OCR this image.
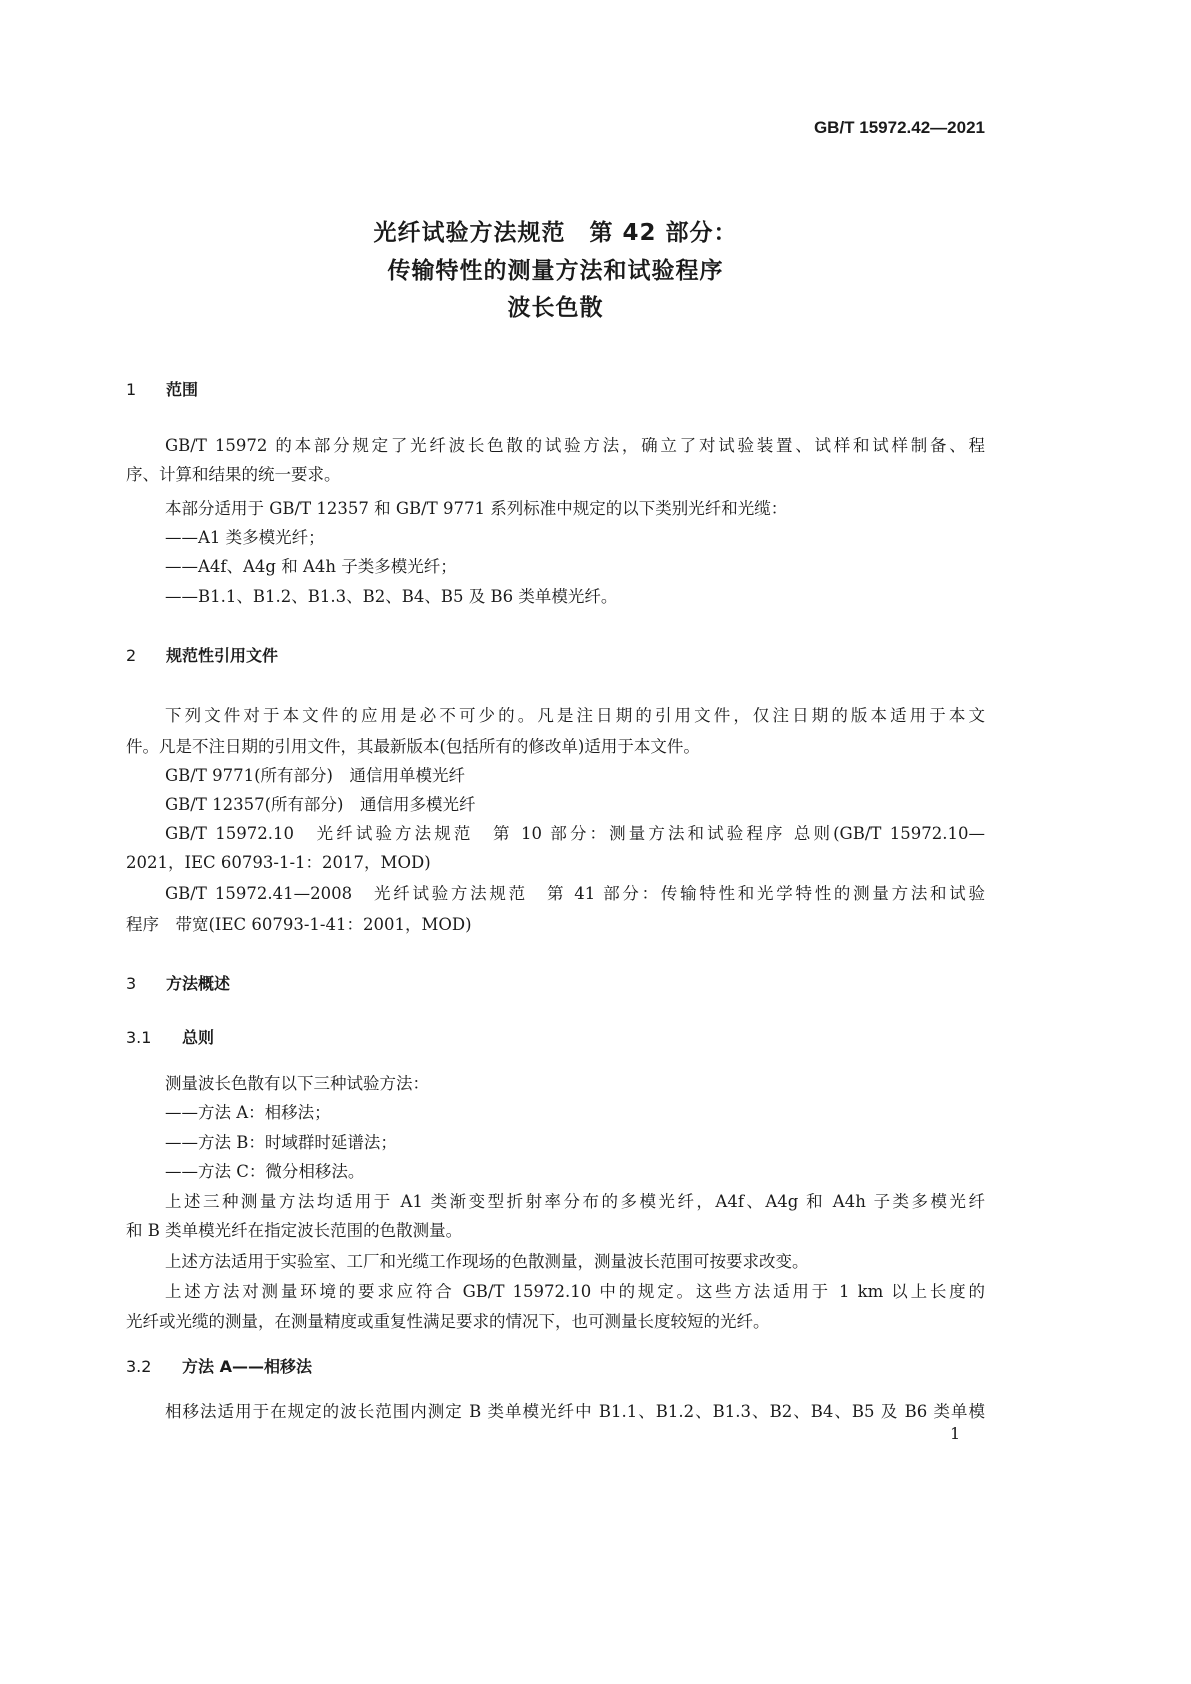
GB/T 15972.42—2021
光纤试验方法规范　第 42 部分：
传输特性的测量方法和试验程序
波长色散
1 范围
GB/T 15972 的本部分规定了光纤波长色散的试验方法，确立了对试验装置、试样和试样制备、程
序、计算和结果的统一要求。
本部分适用于 GB/T 12357 和 GB/T 9771 系列标准中规定的以下类别光纤和光缆：
——A1 类多模光纤；
——A4f、A4g 和 A4h 子类多模光纤；
——B1.1、B1.2、B1.3、B2、B4、B5 及 B6 类单模光纤。
2 规范性引用文件
下列文件对于本文件的应用是必不可少的。凡是注日期的引用文件，仅注日期的版本适用于本文
件。凡是不注日期的引用文件，其最新版本(包括所有的修改单)适用于本文件。
GB/T 9771(所有部分)　通信用单模光纤
GB/T 12357(所有部分)　通信用多模光纤
GB/T 15972.10　光纤试验方法规范　第 10 部分：测量方法和试验程序 总则(GB/T 15972.10—
2021，IEC 60793-1-1：2017，MOD)
GB/T 15972.41—2008　光纤试验方法规范　第 41 部分：传输特性和光学特性的测量方法和试验
程序　带宽(IEC 60793-1-41：2001，MOD)
3 方法概述
3.1 总则
测量波长色散有以下三种试验方法：
——方法 A：相移法；
——方法 B：时域群时延谱法；
——方法 C：微分相移法。
上述三种测量方法均适用于 A1 类渐变型折射率分布的多模光纤，A4f、A4g 和 A4h 子类多模光纤
和 B 类单模光纤在指定波长范围的色散测量。
上述方法适用于实验室、工厂和光缆工作现场的色散测量，测量波长范围可按要求改变。
上述方法对测量环境的要求应符合 GB/T 15972.10 中的规定。这些方法适用于 1 km 以上长度的
光纤或光缆的测量，在测量精度或重复性满足要求的情况下，也可测量长度较短的光纤。
3.2 方法 A——相移法
相移法适用于在规定的波长范围内测定 B 类单模光纤中 B1.1、B1.2、B1.3、B2、B4、B5 及 B6 类单模
1
